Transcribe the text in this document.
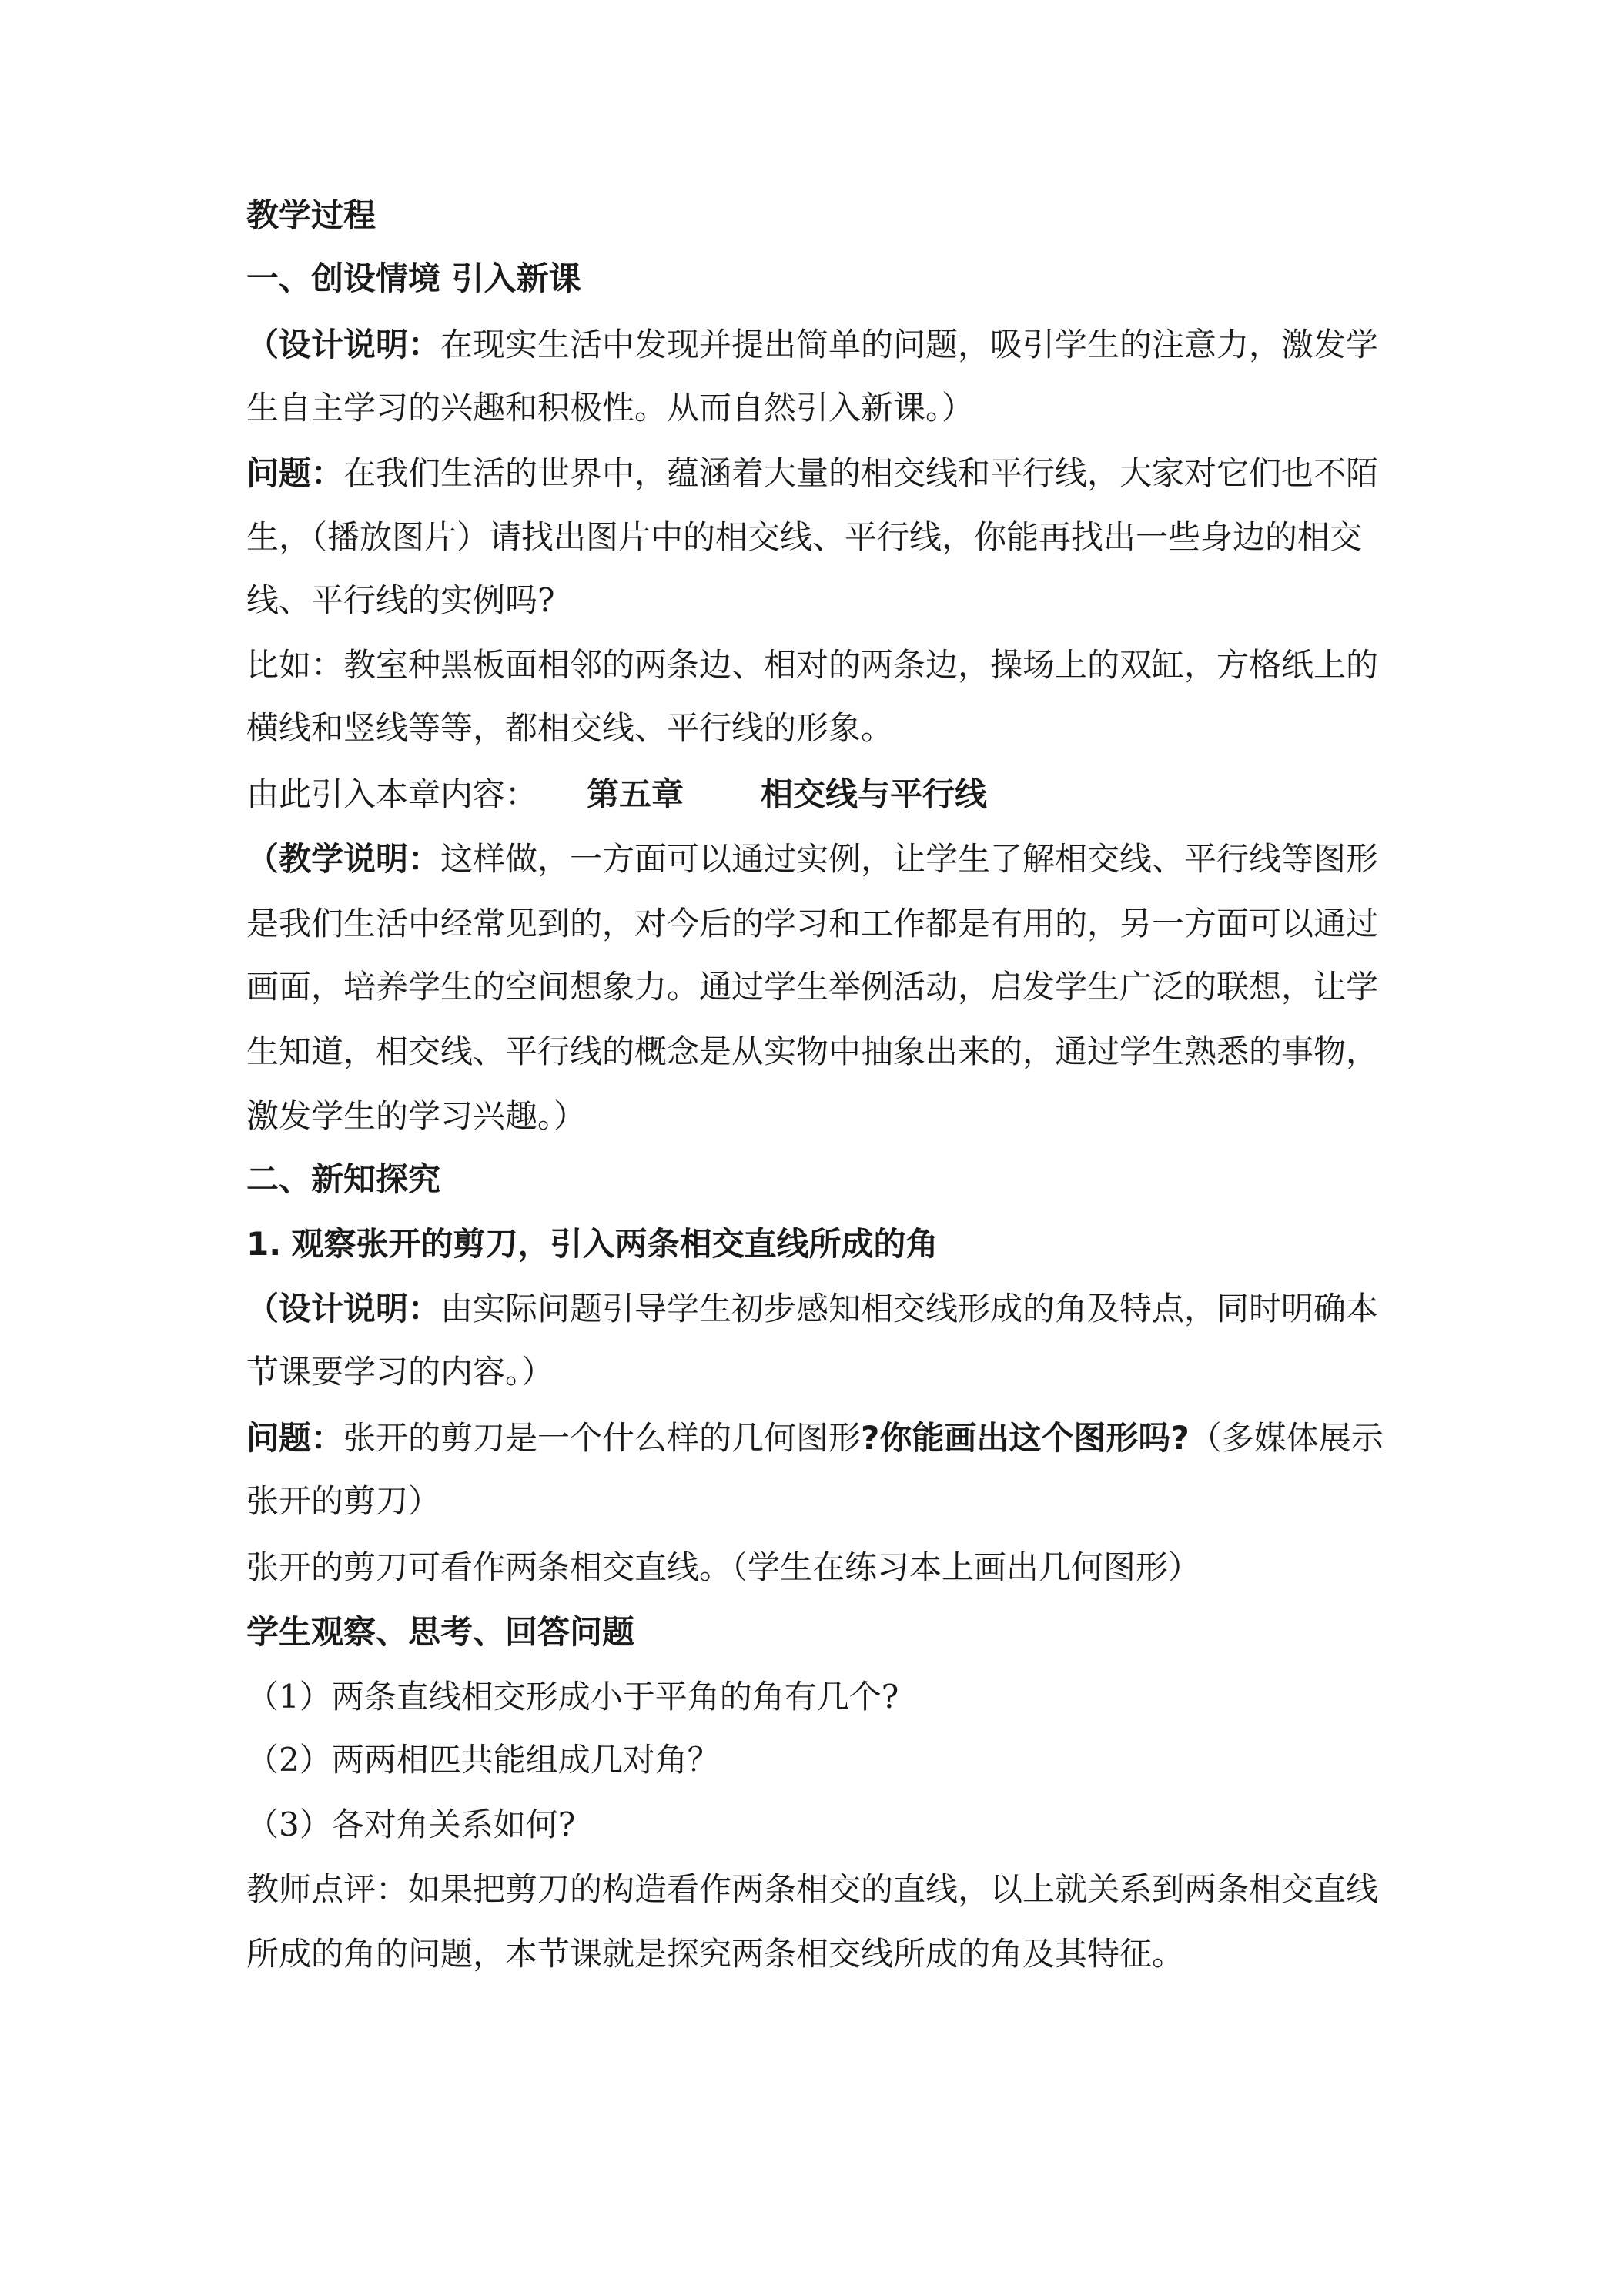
教学过程
一、创设情境 引入新课
（设计说明：在现实生活中发现并提出简单的问题，吸引学生的注意力，激发学
生自主学习的兴趣和积极性。从而自然引入新课。）
问题：在我们生活的世界中，蕴涵着大量的相交线和平行线，大家对它们也不陌
生，（播放图片）请找出图片中的相交线、平行线，你能再找出一些身边的相交
线、平行线的实例吗?
比如：教室种黑板面相邻的两条边、相对的两条边，操场上的双缸，方格纸上的
横线和竖线等等，都相交线、平行线的形象。
由此引入本章内容： 第五章 相交线与平行线
（教学说明：这样做，一方面可以通过实例，让学生了解相交线、平行线等图形
是我们生活中经常见到的，对今后的学习和工作都是有用的，另一方面可以通过
画面，培养学生的空间想象力。通过学生举例活动，启发学生广泛的联想，让学
生知道，相交线、平行线的概念是从实物中抽象出来的，通过学生熟悉的事物，
激发学生的学习兴趣。）
二、新知探究
1. 观察张开的剪刀，引入两条相交直线所成的角
（设计说明：由实际问题引导学生初步感知相交线形成的角及特点，同时明确本
节课要学习的内容。）
问题：张开的剪刀是一个什么样的几何图形?你能画出这个图形吗?（多媒体展示
张开的剪刀）
张开的剪刀可看作两条相交直线。（学生在练习本上画出几何图形）
学生观察、思考、回答问题
（1）两条直线相交形成小于平角的角有几个?
（2）两两相匹共能组成几对角？
（3）各对角关系如何?
教师点评：如果把剪刀的构造看作两条相交的直线，以上就关系到两条相交直线
所成的角的问题，本节课就是探究两条相交线所成的角及其特征。
